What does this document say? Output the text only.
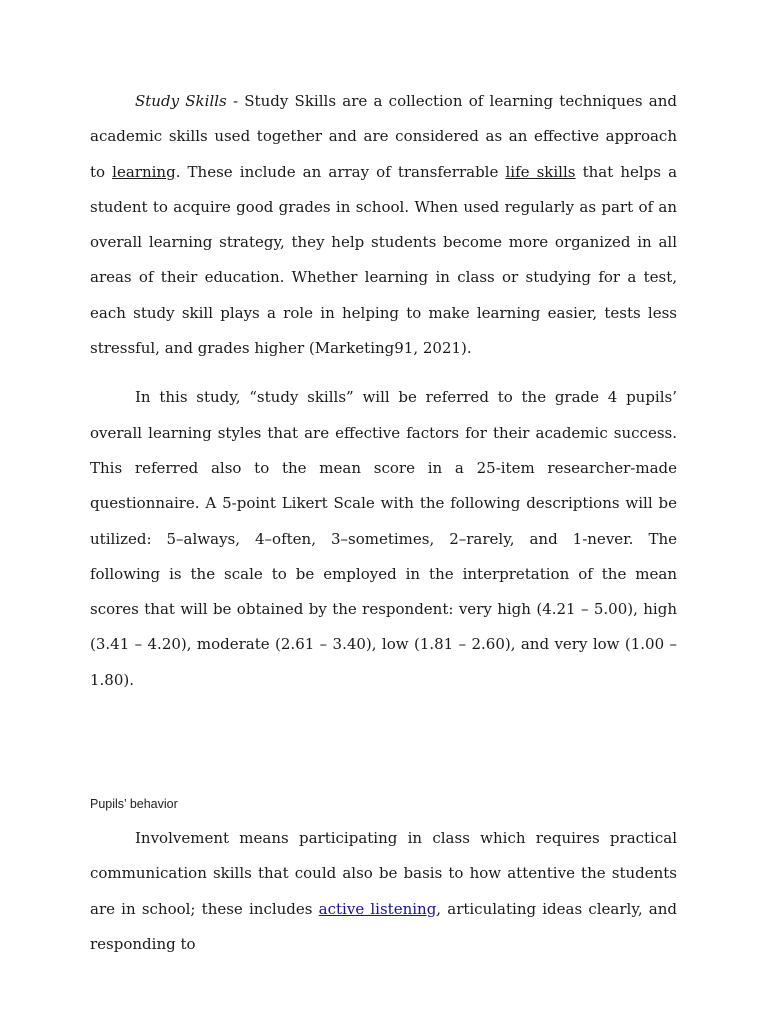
Study Skills - Study Skills are a collection of learning techniques and academic skills used together and are considered as an effective approach to learning. These include an array of transferrable life skills that helps a student to acquire good grades in school. When used regularly as part of an overall learning strategy, they help students become more organized in all areas of their education. Whether learning in class or studying for a test, each study skill plays a role in helping to make learning easier, tests less stressful, and grades higher (Marketing91, 2021).

In this study, “study skills” will be referred to the grade 4 pupils’ overall learning styles that are effective factors for their academic success. This referred also to the mean score in a 25-item researcher-made questionnaire. A 5-point Likert Scale with the following descriptions will be utilized: 5–always, 4–often, 3–sometimes, 2–rarely, and 1-never. The following is the scale to be employed in the interpretation of the mean scores that will be obtained by the respondent: very high (4.21 – 5.00), high (3.41 – 4.20), moderate (2.61 – 3.40), low (1.81 – 2.60), and very low (1.00 – 1.80).

Pupils’ behavior

Involvement means participating in class which requires practical communication skills that could also be basis to how attentive the students are in school; these includes active listening, articulating ideas clearly, and responding to
